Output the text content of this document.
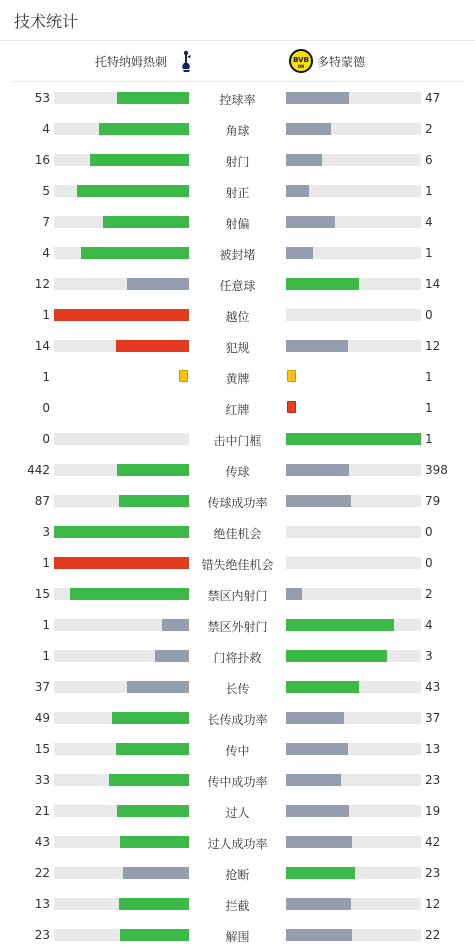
技术统计
托特纳姆热刺	BVB
09 多特蒙德
53	控球率	47
4	角球	2
16	射门	6
5	射正	1
7	射偏	4
4	被封堵	1
12	任意球	14
1	越位	0
14	犯规	12
1	黄牌	1
0	红牌	1
0	击中门框	1
442	传球	398
87	传球成功率	79
3	绝佳机会	0
1	错失绝佳机会	0
15	禁区内射门	2
1	禁区外射门	4
1	门将扑救	3
37	长传	43
49	长传成功率	37
15	传中	13
33	传中成功率	23
21	过人	19
43	过人成功率	42
22	抢断	23
13	拦截	12
23	解围	22
